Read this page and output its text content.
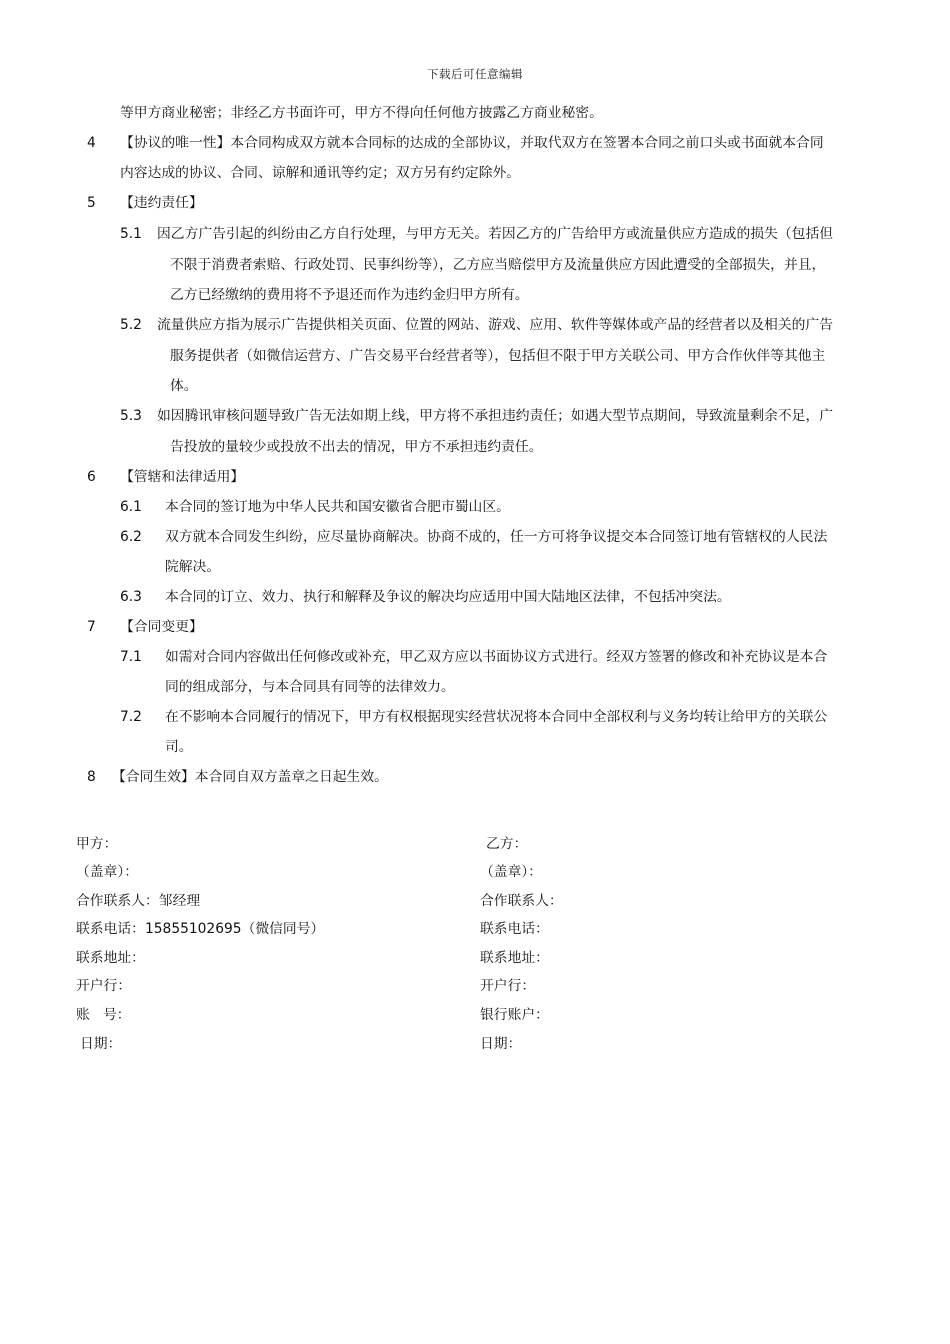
下载后可任意编辑
等甲方商业秘密；非经乙方书面许可，甲方不得向任何他方披露乙方商业秘密。
4 【协议的唯一性】本合同构成双方就本合同标的达成的全部协议，并取代双方在签署本合同之前口头或书面就本合同
内容达成的协议、合同、谅解和通讯等约定；双方另有约定除外。
5 【违约责任】
5.1 因乙方广告引起的纠纷由乙方自行处理，与甲方无关。若因乙方的广告给甲方或流量供应方造成的损失（包括但
不限于消费者索赔、行政处罚、民事纠纷等），乙方应当赔偿甲方及流量供应方因此遭受的全部损失，并且，
乙方已经缴纳的费用将不予退还而作为违约金归甲方所有。
5.2 流量供应方指为展示广告提供相关页面、位置的网站、游戏、应用、软件等媒体或产品的经营者以及相关的广告
服务提供者（如微信运营方、广告交易平台经营者等），包括但不限于甲方关联公司、甲方合作伙伴等其他主
体。
5.3 如因腾讯审核问题导致广告无法如期上线，甲方将不承担违约责任；如遇大型节点期间，导致流量剩余不足，广
告投放的量较少或投放不出去的情况，甲方不承担违约责任。
6 【管辖和法律适用】
6.1 本合同的签订地为中华人民共和国安徽省合肥市蜀山区。
6.2 双方就本合同发生纠纷，应尽量协商解决。协商不成的，任一方可将争议提交本合同签订地有管辖权的人民法
院解决。
6.3 本合同的订立、效力、执行和解释及争议的解决均应适用中国大陆地区法律，不包括冲突法。
7 【合同变更】
7.1 如需对合同内容做出任何修改或补充，甲乙双方应以书面协议方式进行。经双方签署的修改和补充协议是本合
同的组成部分，与本合同具有同等的法律效力。
7.2 在不影响本合同履行的情况下，甲方有权根据现实经营状况将本合同中全部权利与义务均转让给甲方的关联公
司。
8 【合同生效】本合同自双方盖章之日起生效。
甲方：
（盖章）：
合作联系人：邹经理
联系电话：15855102695（微信同号）
联系地址：
开户行：
账   号：
日期：
乙方：
（盖章）：
合作联系人：
联系电话：
联系地址：
开户行：
银行账户：
日期：
